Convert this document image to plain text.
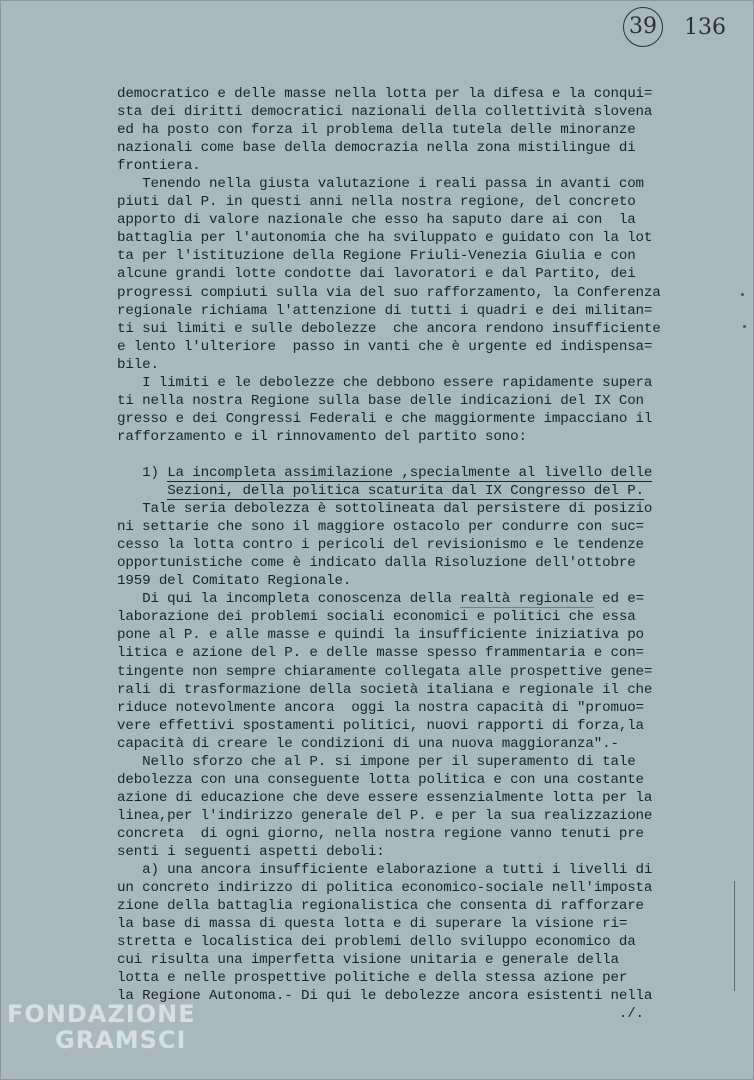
39 136
democratico e delle masse nella lotta per la difesa e la conqui=
sta dei diritti democratici nazionali della collettività slovena
ed ha posto con forza il problema della tutela delle minoranze
nazionali come base della democrazia nella zona mistilingue di
frontiera.
Tenendo nella giusta valutazione i reali passa in avanti com
piuti dal P. in questi anni nella nostra regione, del concreto
apporto di valore nazionale che esso ha saputo dare ai con  la
battaglia per l'autonomia che ha sviluppato e guidato con la lot
ta per l'istituzione della Regione Friuli-Venezia Giulia e con
alcune grandi lotte condotte dai lavoratori e dal Partito, dei
progressi compiuti sulla via del suo rafforzamento, la Conferenza
regionale richiama l'attenzione di tutti i quadri e dei militan=
ti sui limiti e sulle debolezze  che ancora rendono insufficiente
e lento l'ulteriore  passo in vanti che è urgente ed indispensa=
bile.
I limiti e le debolezze che debbono essere rapidamente supera
ti nella nostra Regione sulla base delle indicazioni del IX Con
gresso e dei Congressi Federali e che maggiormente impacciano il
rafforzamento e il rinnovamento del partito sono:
1) La incompleta assimilazione ,specialmente al livello delle
Sezioni, della politica scaturita dal IX Congresso del P.
Tale seria debolezza è sottolineata dal persistere di posizio
ni settarie che sono il maggiore ostacolo per condurre con suc=
cesso la lotta contro i pericoli del revisionismo e le tendenze
opportunistiche come è indicato dalla Risoluzione dell'ottobre
1959 del Comitato Regionale.
Di qui la incompleta conoscenza della realtà regionale ed e=
laborazione dei problemi sociali economici e politici che essa
pone al P. e alle masse e quindi la insufficiente iniziativa po
litica e azione del P. e delle masse spesso frammentaria e con=
tingente non sempre chiaramente collegata alle prospettive gene=
rali di trasformazione della società italiana e regionale il che
riduce notevolmente ancora  oggi la nostra capacità di "promuo=
vere effettivi spostamenti politici, nuovi rapporti di forza,la
capacità di creare le condizioni di una nuova maggioranza".-
Nello sforzo che al P. si impone per il superamento di tale
debolezza con una conseguente lotta politica e con una costante
azione di educazione che deve essere essenzialmente lotta per la
linea,per l'indirizzo generale del P. e per la sua realizzazione
concreta  di ogni giorno, nella nostra regione vanno tenuti pre
senti i seguenti aspetti deboli:
a) una ancora insufficiente elaborazione a tutti i livelli di
un concreto indirizzo di politica economico-sociale nell'imposta
zione della battaglia regionalistica che consenta di rafforzare
la base di massa di questa lotta e di superare la visione ri=
stretta e localistica dei problemi dello sviluppo economico da
cui risulta una imperfetta visione unitaria e generale della
lotta e nelle prospettive politiche e della stessa azione per
la Regione Autonoma.- Di qui le debolezze ancora esistenti nella
./.
FONDAZIONE
GRAMSCI
